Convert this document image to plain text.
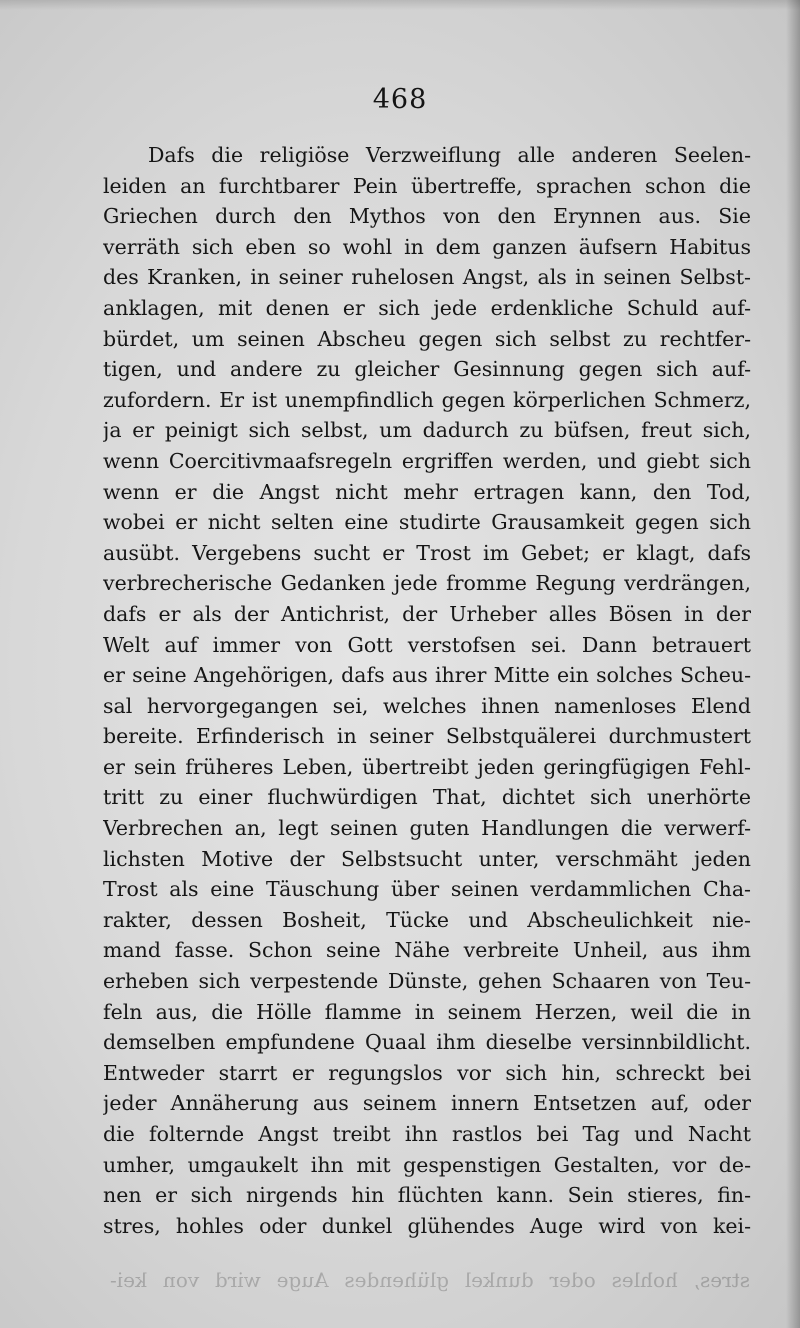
468
Dafs die religiöse Verzweiflung alle anderen Seelen-
leiden an furchtbarer Pein übertreffe, sprachen schon die
Griechen durch den Mythos von den Erynnen aus. Sie
verräth sich eben so wohl in dem ganzen äufsern Habitus
des Kranken, in seiner ruhelosen Angst, als in seinen Selbst-
anklagen, mit denen er sich jede erdenkliche Schuld auf-
bürdet, um seinen Abscheu gegen sich selbst zu rechtfer-
tigen, und andere zu gleicher Gesinnung gegen sich auf-
zufordern. Er ist unempfindlich gegen körperlichen Schmerz,
ja er peinigt sich selbst, um dadurch zu büfsen, freut sich,
wenn Coercitivmaafsregeln ergriffen werden, und giebt sich
wenn er die Angst nicht mehr ertragen kann, den Tod,
wobei er nicht selten eine studirte Grausamkeit gegen sich
ausübt. Vergebens sucht er Trost im Gebet; er klagt, dafs
verbrecherische Gedanken jede fromme Regung verdrängen,
dafs er als der Antichrist, der Urheber alles Bösen in der
Welt auf immer von Gott verstofsen sei. Dann betrauert
er seine Angehörigen, dafs aus ihrer Mitte ein solches Scheu-
sal hervorgegangen sei, welches ihnen namenloses Elend
bereite. Erfinderisch in seiner Selbstquälerei durchmustert
er sein früheres Leben, übertreibt jeden geringfügigen Fehl-
tritt zu einer fluchwürdigen That, dichtet sich unerhörte
Verbrechen an, legt seinen guten Handlungen die verwerf-
lichsten Motive der Selbstsucht unter, verschmäht jeden
Trost als eine Täuschung über seinen verdammlichen Cha-
rakter, dessen Bosheit, Tücke und Abscheulichkeit nie-
mand fasse. Schon seine Nähe verbreite Unheil, aus ihm
erheben sich verpestende Dünste, gehen Schaaren von Teu-
feln aus, die Hölle flamme in seinem Herzen, weil die in
demselben empfundene Quaal ihm dieselbe versinnbildlicht.
Entweder starrt er regungslos vor sich hin, schreckt bei
jeder Annäherung aus seinem innern Entsetzen auf, oder
die folternde Angst treibt ihn rastlos bei Tag und Nacht
umher, umgaukelt ihn mit gespenstigen Gestalten, vor de-
nen er sich nirgends hin flüchten kann. Sein stieres, fin-
stres, hohles oder dunkel glühendes Auge wird von kei-
stres, hohles oder dunkel glühendes Auge wird von kei-
